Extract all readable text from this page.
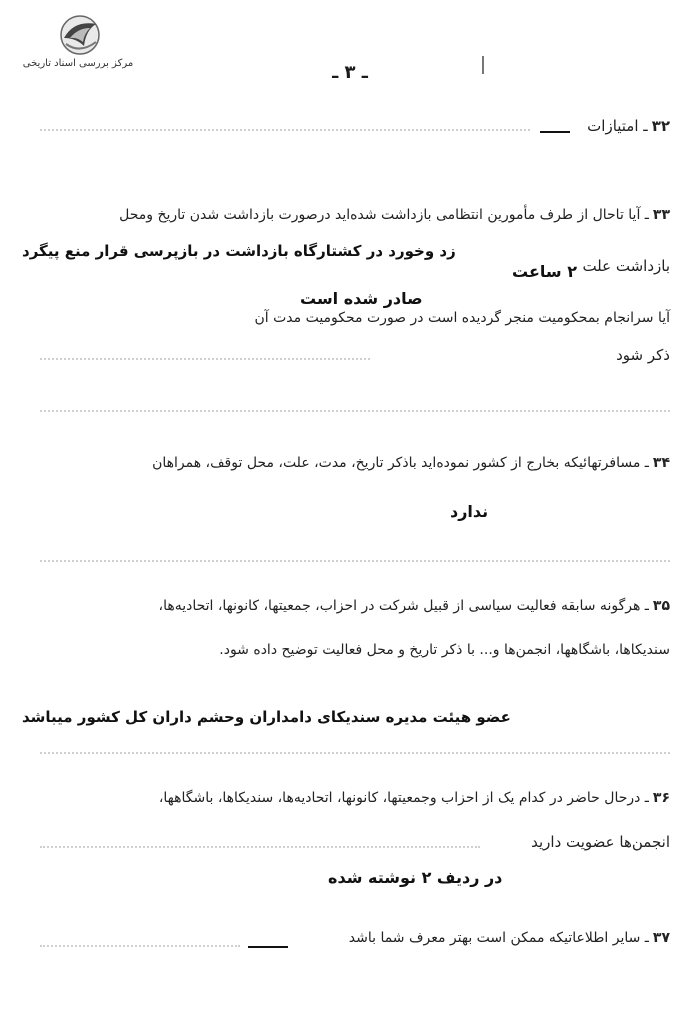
مرکز بررسی اسناد تاریخی	ـ ۳ ـ
۳۲ـ امتیازات
۳۳ـ آیا تاحال از طرف مأمورین انتظامی بازداشت شده‌اید درصورت بازداشت شدن تاریخ ومحل
بازداشت علت
زد وخورد در کشتارگاه بازداشت در بازپرسی قرار منع پیگرد
۲ ساعت
صادر شده است
آیا سرانجام بمحکومیت منجر گردیده است در صورت محکومیت مدت آن
ذکر شود
۳۴ـ مسافرتهائیکه بخارج از کشور نموده‌اید باذکر تاریخ، مدت، علت، محل توقف، همراهان
ندارد
۳۵ـ هرگونه سابقه فعالیت سیاسی از قبیل شرکت در احزاب، جمعیتها، کانونها، اتحادیه‌ها،
سندیکاها، باشگاهها، انجمن‌ها و... با ذکر تاریخ و محل فعالیت توضیح داده شود.
عضو هیئت مدیره سندیکای دامداران وحشم داران کل کشور میباشد
۳۶ـ درحال حاضر در کدام یک از احزاب وجمعیتها، کانونها، اتحادیه‌ها، سندیکاها، باشگاهها،
انجمن‌ها عضویت دارید
در ردیف ۲ نوشته شده
۳۷ـ سایر اطلاعاتیکه ممکن است بهتر معرف شما باشد
